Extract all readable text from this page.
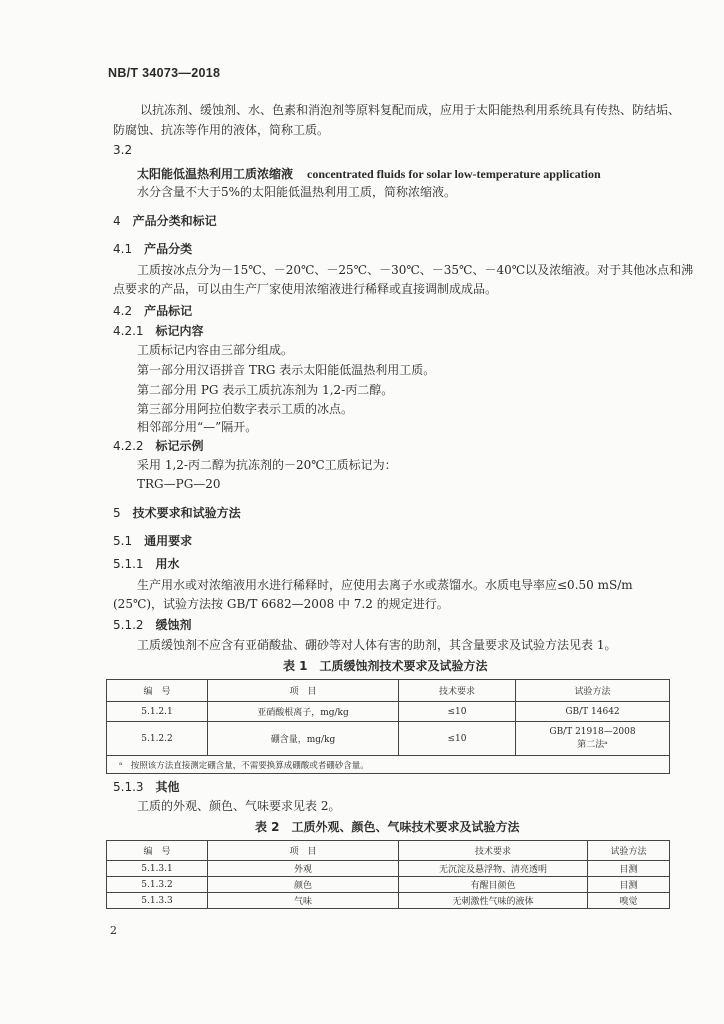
NB/T 34073—2018
以抗冻剂、缓蚀剂、水、色素和消泡剂等原料复配而成，应用于太阳能热利用系统具有传热、防结垢、
防腐蚀、抗冻等作用的液体，简称工质。
3.2
太阳能低温热利用工质浓缩液 concentrated fluids for solar low-temperature application
水分含量不大于5%的太阳能低温热利用工质，简称浓缩液。
4 产品分类和标记
4.1 产品分类
工质按冰点分为－15℃、－20℃、－25℃、－30℃、－35℃、－40℃以及浓缩液。对于其他冰点和沸
点要求的产品，可以由生产厂家使用浓缩液进行稀释或直接调制成成品。
4.2 产品标记
4.2.1 标记内容
工质标记内容由三部分组成。
第一部分用汉语拼音 TRG 表示太阳能低温热利用工质。
第二部分用 PG 表示工质抗冻剂为 1,2-丙二醇。
第三部分用阿拉伯数字表示工质的冰点。
相邻部分用“—”隔开。
4.2.2 标记示例
采用 1,2-丙二醇为抗冻剂的－20℃工质标记为：
TRG—PG—20
5 技术要求和试验方法
5.1 通用要求
5.1.1 用水
生产用水或对浓缩液用水进行稀释时，应使用去离子水或蒸馏水。水质电导率应≤0.50 mS/m
(25℃)，试验方法按 GB/T 6682—2008 中 7.2 的规定进行。
5.1.2 缓蚀剂
工质缓蚀剂不应含有亚硝酸盐、硼砂等对人体有害的助剂，其含量要求及试验方法见表 1。
表 1　工质缓蚀剂技术要求及试验方法
编　号	项　目	技术要求	试验方法
5.1.2.1	亚硝酸根离子，mg/kg	≤10	GB/T 14642
5.1.2.2	硼含量，mg/kg	≤10	GB/T 21918—2008
第二法ᵃ

ᵃ　按照该方法直接测定硼含量，不需要换算成硼酸或者硼砂含量。			
5.1.3 其他
工质的外观、颜色、气味要求见表 2。
表 2　工质外观、颜色、气味技术要求及试验方法
编　号	项　目	技术要求	试验方法
5.1.3.1	外观	无沉淀及悬浮物、清亮透明	目测
5.1.3.2	颜色	有醒目颜色	目测
5.1.3.3	气味	无刺激性气味的液体	嗅觉
2
